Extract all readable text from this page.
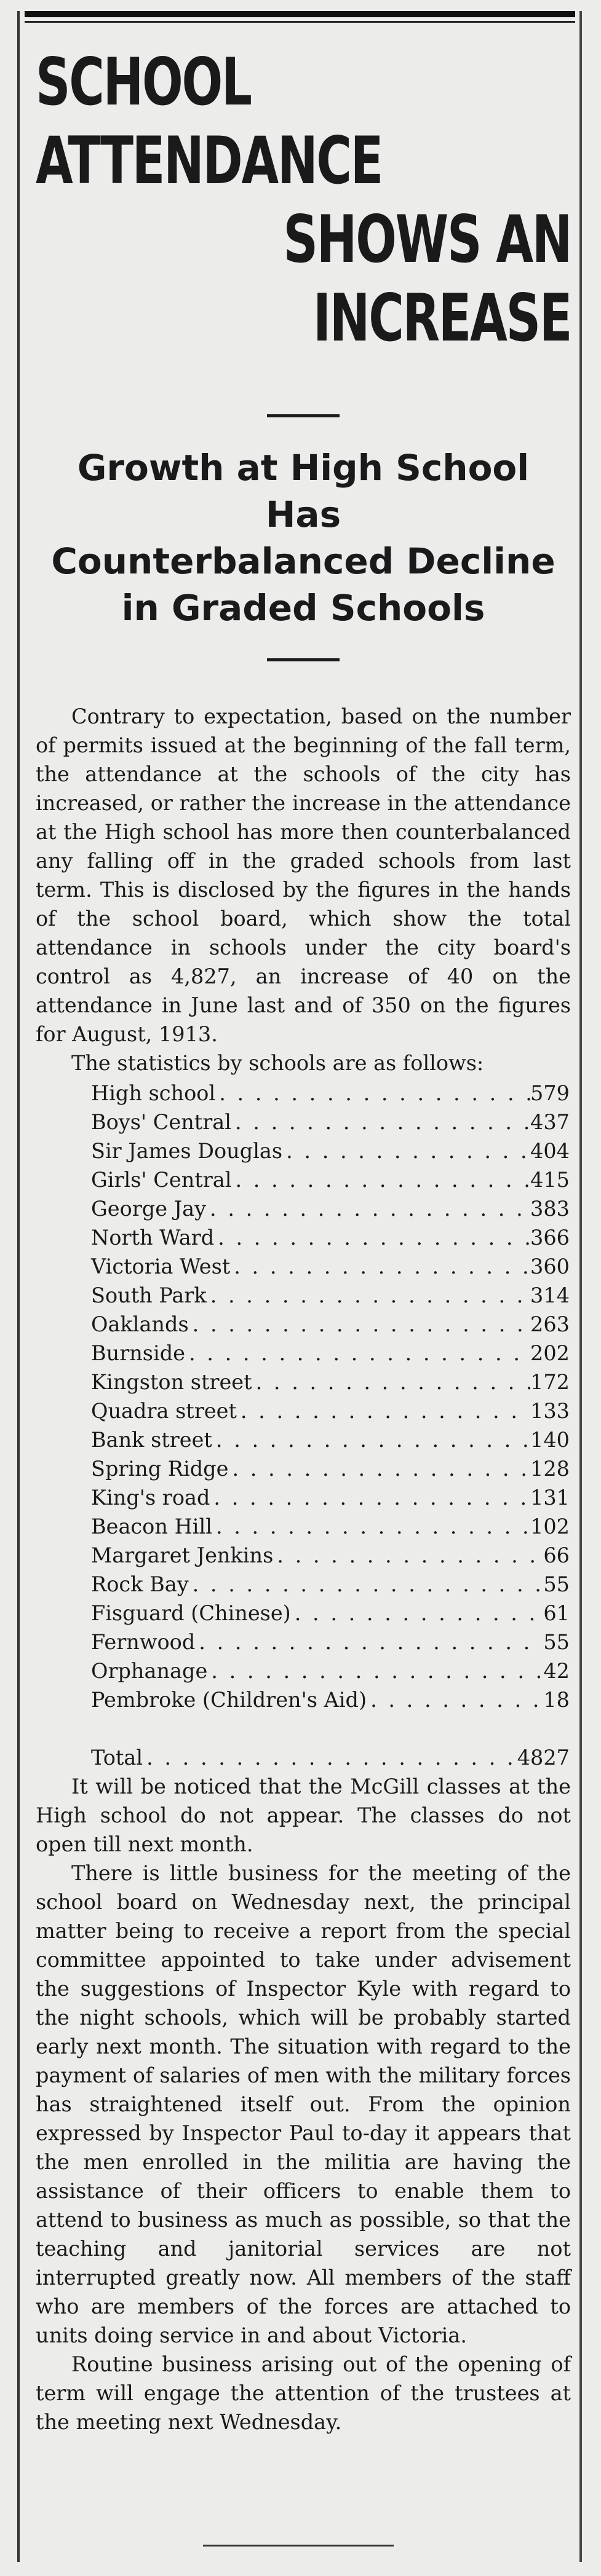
SCHOOL ATTENDANCE
SHOWS AN INCREASE
Growth at High School Has
Counterbalanced Decline
in Graded Schools

Contrary to expectation, based on the number of permits issued at the beginning of the fall term, the attendance at the schools of the city has increased, or rather the increase in the attendance at the High school has more then counterbalanced any falling off in the graded schools from last term. This is disclosed by the figures in the hands of the school board, which show the total attendance in schools under the city board's control as 4,827, an increase of 40 on the attendance in June last and of 350 on the figures for August, 1913.

The statistics by schools are as follows:

High school . . .	579
Boys' Central . . .	437
Sir James Douglas . . .	404
Girls' Central . . .	415
George Jay . . .	383
North Ward . . .	366
Victoria West . . .	360
South Park . . .	314
Oaklands . . .	263
Burnside . . .	202
Kingston street . . .	172
Quadra street . . .	133
Bank street . . .	140
Spring Ridge . . .	128
King's road . . .	131
Beacon Hill . . .	102
Margaret Jenkins . . .	66
Rock Bay . . .	55
Fisguard (Chinese) . . .	61
Fernwood . . .	55
Orphanage . . .	42
Pembroke (Children's Aid) . . .	18
Total . . .	4827

It will be noticed that the McGill classes at the High school do not appear. The classes do not open till next month.

There is little business for the meeting of the school board on Wednesday next, the principal matter being to receive a report from the special committee appointed to take under advisement the suggestions of Inspector Kyle with regard to the night schools, which will be probably started early next month. The situation with regard to the payment of salaries of men with the military forces has straightened itself out. From the opinion expressed by Inspector Paul to-day it appears that the men enrolled in the militia are having the assistance of their officers to enable them to attend to business as much as possible, so that the teaching and janitorial services are not interrupted greatly now. All members of the staff who are members of the forces are attached to units doing service in and about Victoria.

Routine business arising out of the opening of term will engage the attention of the trustees at the meeting next Wednesday.
